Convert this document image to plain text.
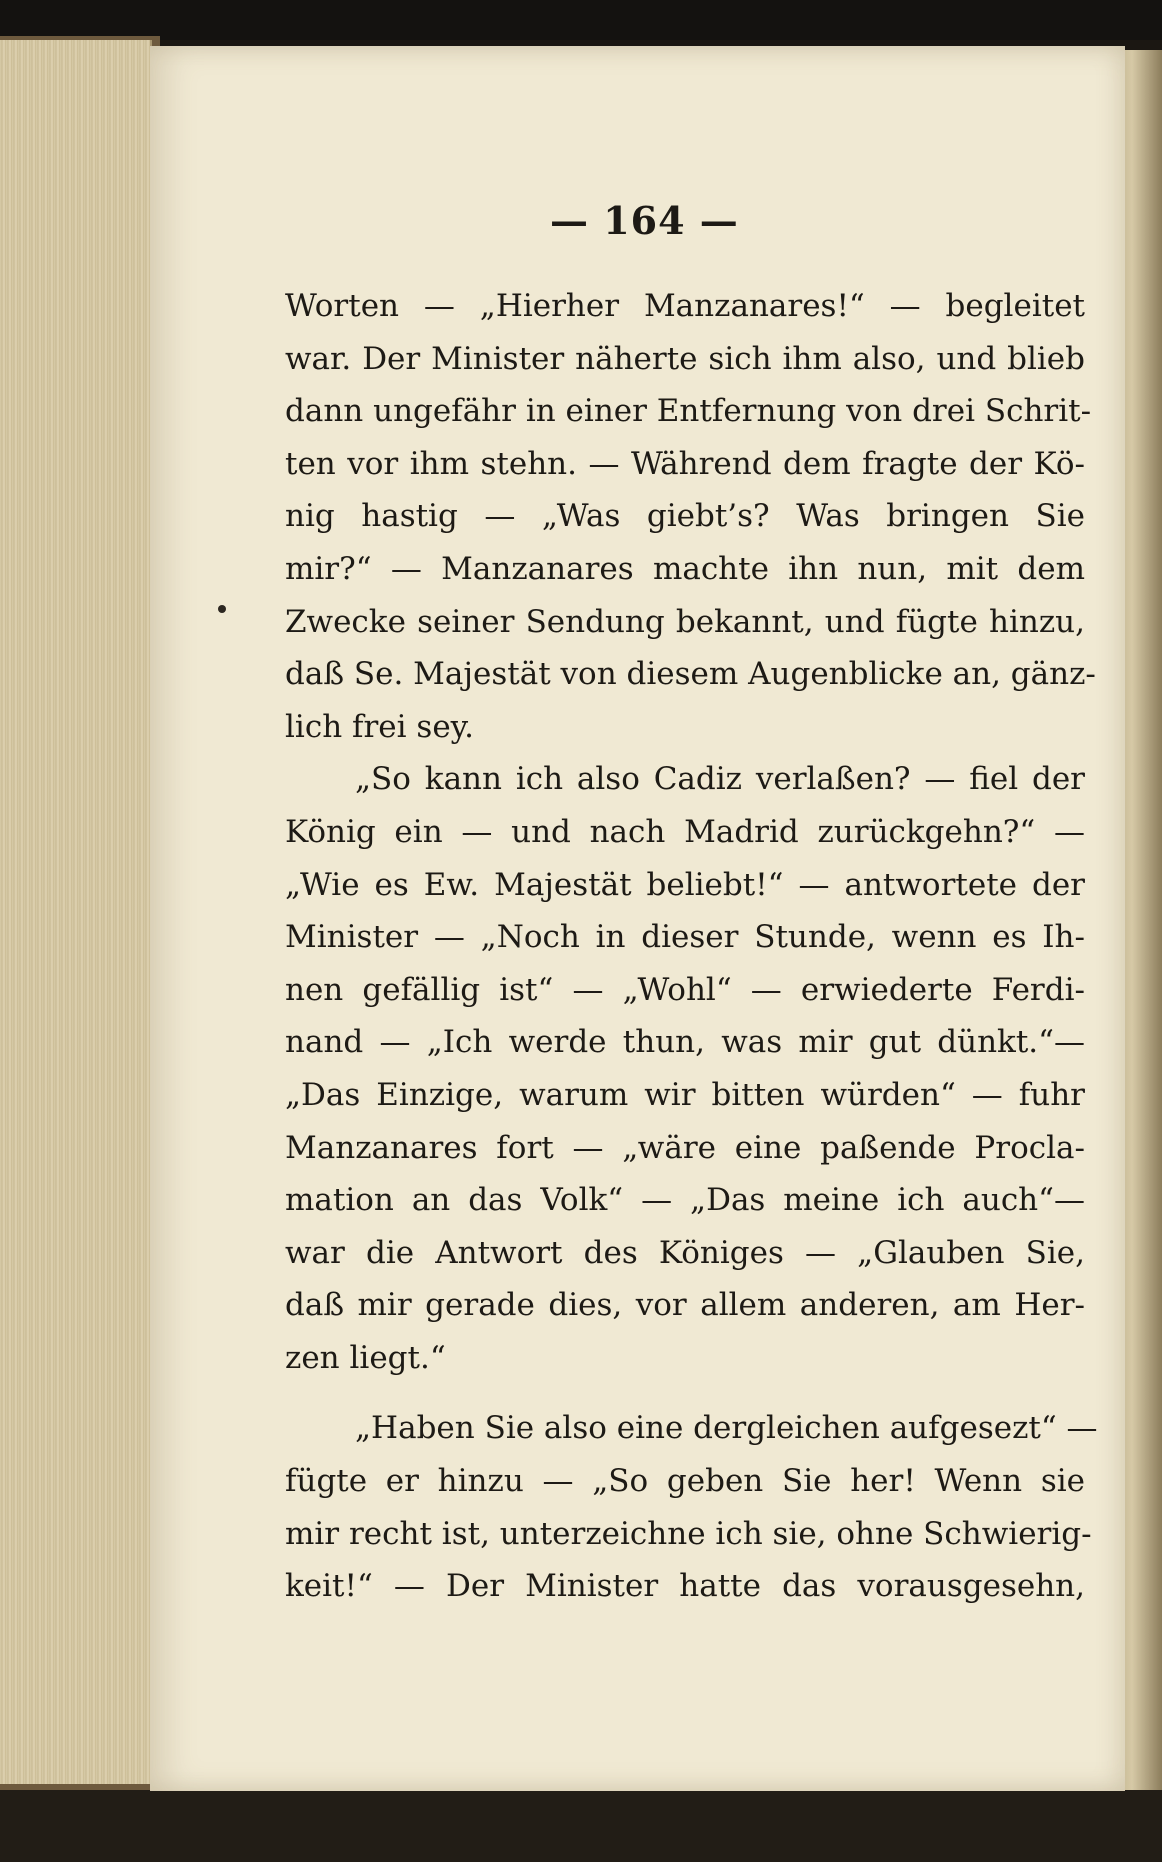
— 164 —
Worten — „Hierher Manzanares!“ — begleitet
war. Der Minister näherte sich ihm also, und blieb
dann ungefähr in einer Entfernung von drei Schrit-
ten vor ihm stehn. — Während dem fragte der Kö-
nig hastig — „Was giebt’s? Was bringen Sie
mir?“ — Manzanares machte ihn nun, mit dem
Zwecke seiner Sendung bekannt, und fügte hinzu,
daß Se. Majestät von diesem Augenblicke an, gänz-
lich frei sey.
„So kann ich also Cadiz verlaßen? — fiel der
König ein — und nach Madrid zurückgehn?“ —
„Wie es Ew. Majestät beliebt!“ — antwortete der
Minister — „Noch in dieser Stunde, wenn es Ih-
nen gefällig ist“ — „Wohl“ — erwiederte Ferdi-
nand — „Ich werde thun, was mir gut dünkt.“—
„Das Einzige, warum wir bitten würden“ — fuhr
Manzanares fort — „wäre eine paßende Procla-
mation an das Volk“ — „Das meine ich auch“—
war die Antwort des Königes — „Glauben Sie,
daß mir gerade dies, vor allem anderen, am Her-
zen liegt.“
„Haben Sie also eine dergleichen aufgesezt“ —
fügte er hinzu — „So geben Sie her! Wenn sie
mir recht ist, unterzeichne ich sie, ohne Schwierig-
keit!“ — Der Minister hatte das vorausgesehn,
